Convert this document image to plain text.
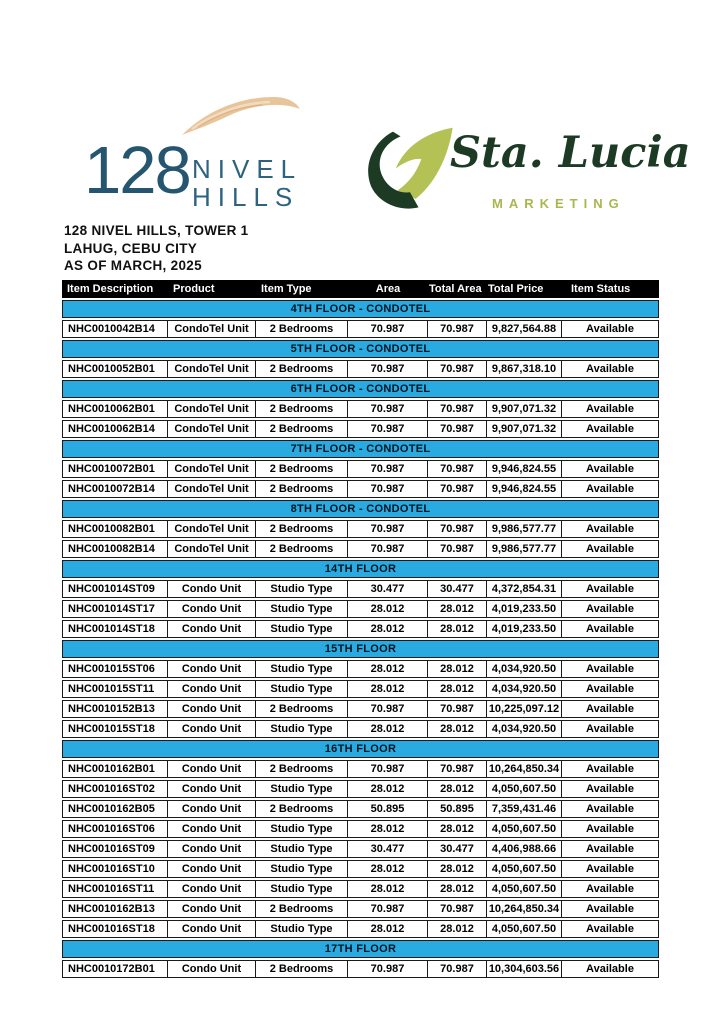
128 NIVEL
HILLS
Sta. Lucia
MARKETING
128 NIVEL HILLS, TOWER 1
LAHUG, CEBU CITY
AS OF MARCH, 2025
Item Description	Product	Item Type	Area	Total Area	Total Price	Item Status
4TH FLOOR - CONDOTEL						
NHC0010042B14	CondoTel Unit	2 Bedrooms	70.987	70.987	9,827,564.88	Available
5TH FLOOR - CONDOTEL						
NHC0010052B01	CondoTel Unit	2 Bedrooms	70.987	70.987	9,867,318.10	Available
6TH FLOOR - CONDOTEL						
NHC0010062B01	CondoTel Unit	2 Bedrooms	70.987	70.987	9,907,071.32	Available
NHC0010062B14	CondoTel Unit	2 Bedrooms	70.987	70.987	9,907,071.32	Available
7TH FLOOR - CONDOTEL						
NHC0010072B01	CondoTel Unit	2 Bedrooms	70.987	70.987	9,946,824.55	Available
NHC0010072B14	CondoTel Unit	2 Bedrooms	70.987	70.987	9,946,824.55	Available
8TH FLOOR - CONDOTEL						
NHC0010082B01	CondoTel Unit	2 Bedrooms	70.987	70.987	9,986,577.77	Available
NHC0010082B14	CondoTel Unit	2 Bedrooms	70.987	70.987	9,986,577.77	Available
14TH FLOOR						
NHC001014ST09	Condo Unit	Studio Type	30.477	30.477	4,372,854.31	Available
NHC001014ST17	Condo Unit	Studio Type	28.012	28.012	4,019,233.50	Available
NHC001014ST18	Condo Unit	Studio Type	28.012	28.012	4,019,233.50	Available
15TH FLOOR						
NHC001015ST06	Condo Unit	Studio Type	28.012	28.012	4,034,920.50	Available
NHC001015ST11	Condo Unit	Studio Type	28.012	28.012	4,034,920.50	Available
NHC0010152B13	Condo Unit	2 Bedrooms	70.987	70.987	10,225,097.12	Available
NHC001015ST18	Condo Unit	Studio Type	28.012	28.012	4,034,920.50	Available
16TH FLOOR						
NHC0010162B01	Condo Unit	2 Bedrooms	70.987	70.987	10,264,850.34	Available
NHC001016ST02	Condo Unit	Studio Type	28.012	28.012	4,050,607.50	Available
NHC0010162B05	Condo Unit	2 Bedrooms	50.895	50.895	7,359,431.46	Available
NHC001016ST06	Condo Unit	Studio Type	28.012	28.012	4,050,607.50	Available
NHC001016ST09	Condo Unit	Studio Type	30.477	30.477	4,406,988.66	Available
NHC001016ST10	Condo Unit	Studio Type	28.012	28.012	4,050,607.50	Available
NHC001016ST11	Condo Unit	Studio Type	28.012	28.012	4,050,607.50	Available
NHC0010162B13	Condo Unit	2 Bedrooms	70.987	70.987	10,264,850.34	Available
NHC001016ST18	Condo Unit	Studio Type	28.012	28.012	4,050,607.50	Available
17TH FLOOR						
NHC0010172B01	Condo Unit	2 Bedrooms	70.987	70.987	10,304,603.56	Available
